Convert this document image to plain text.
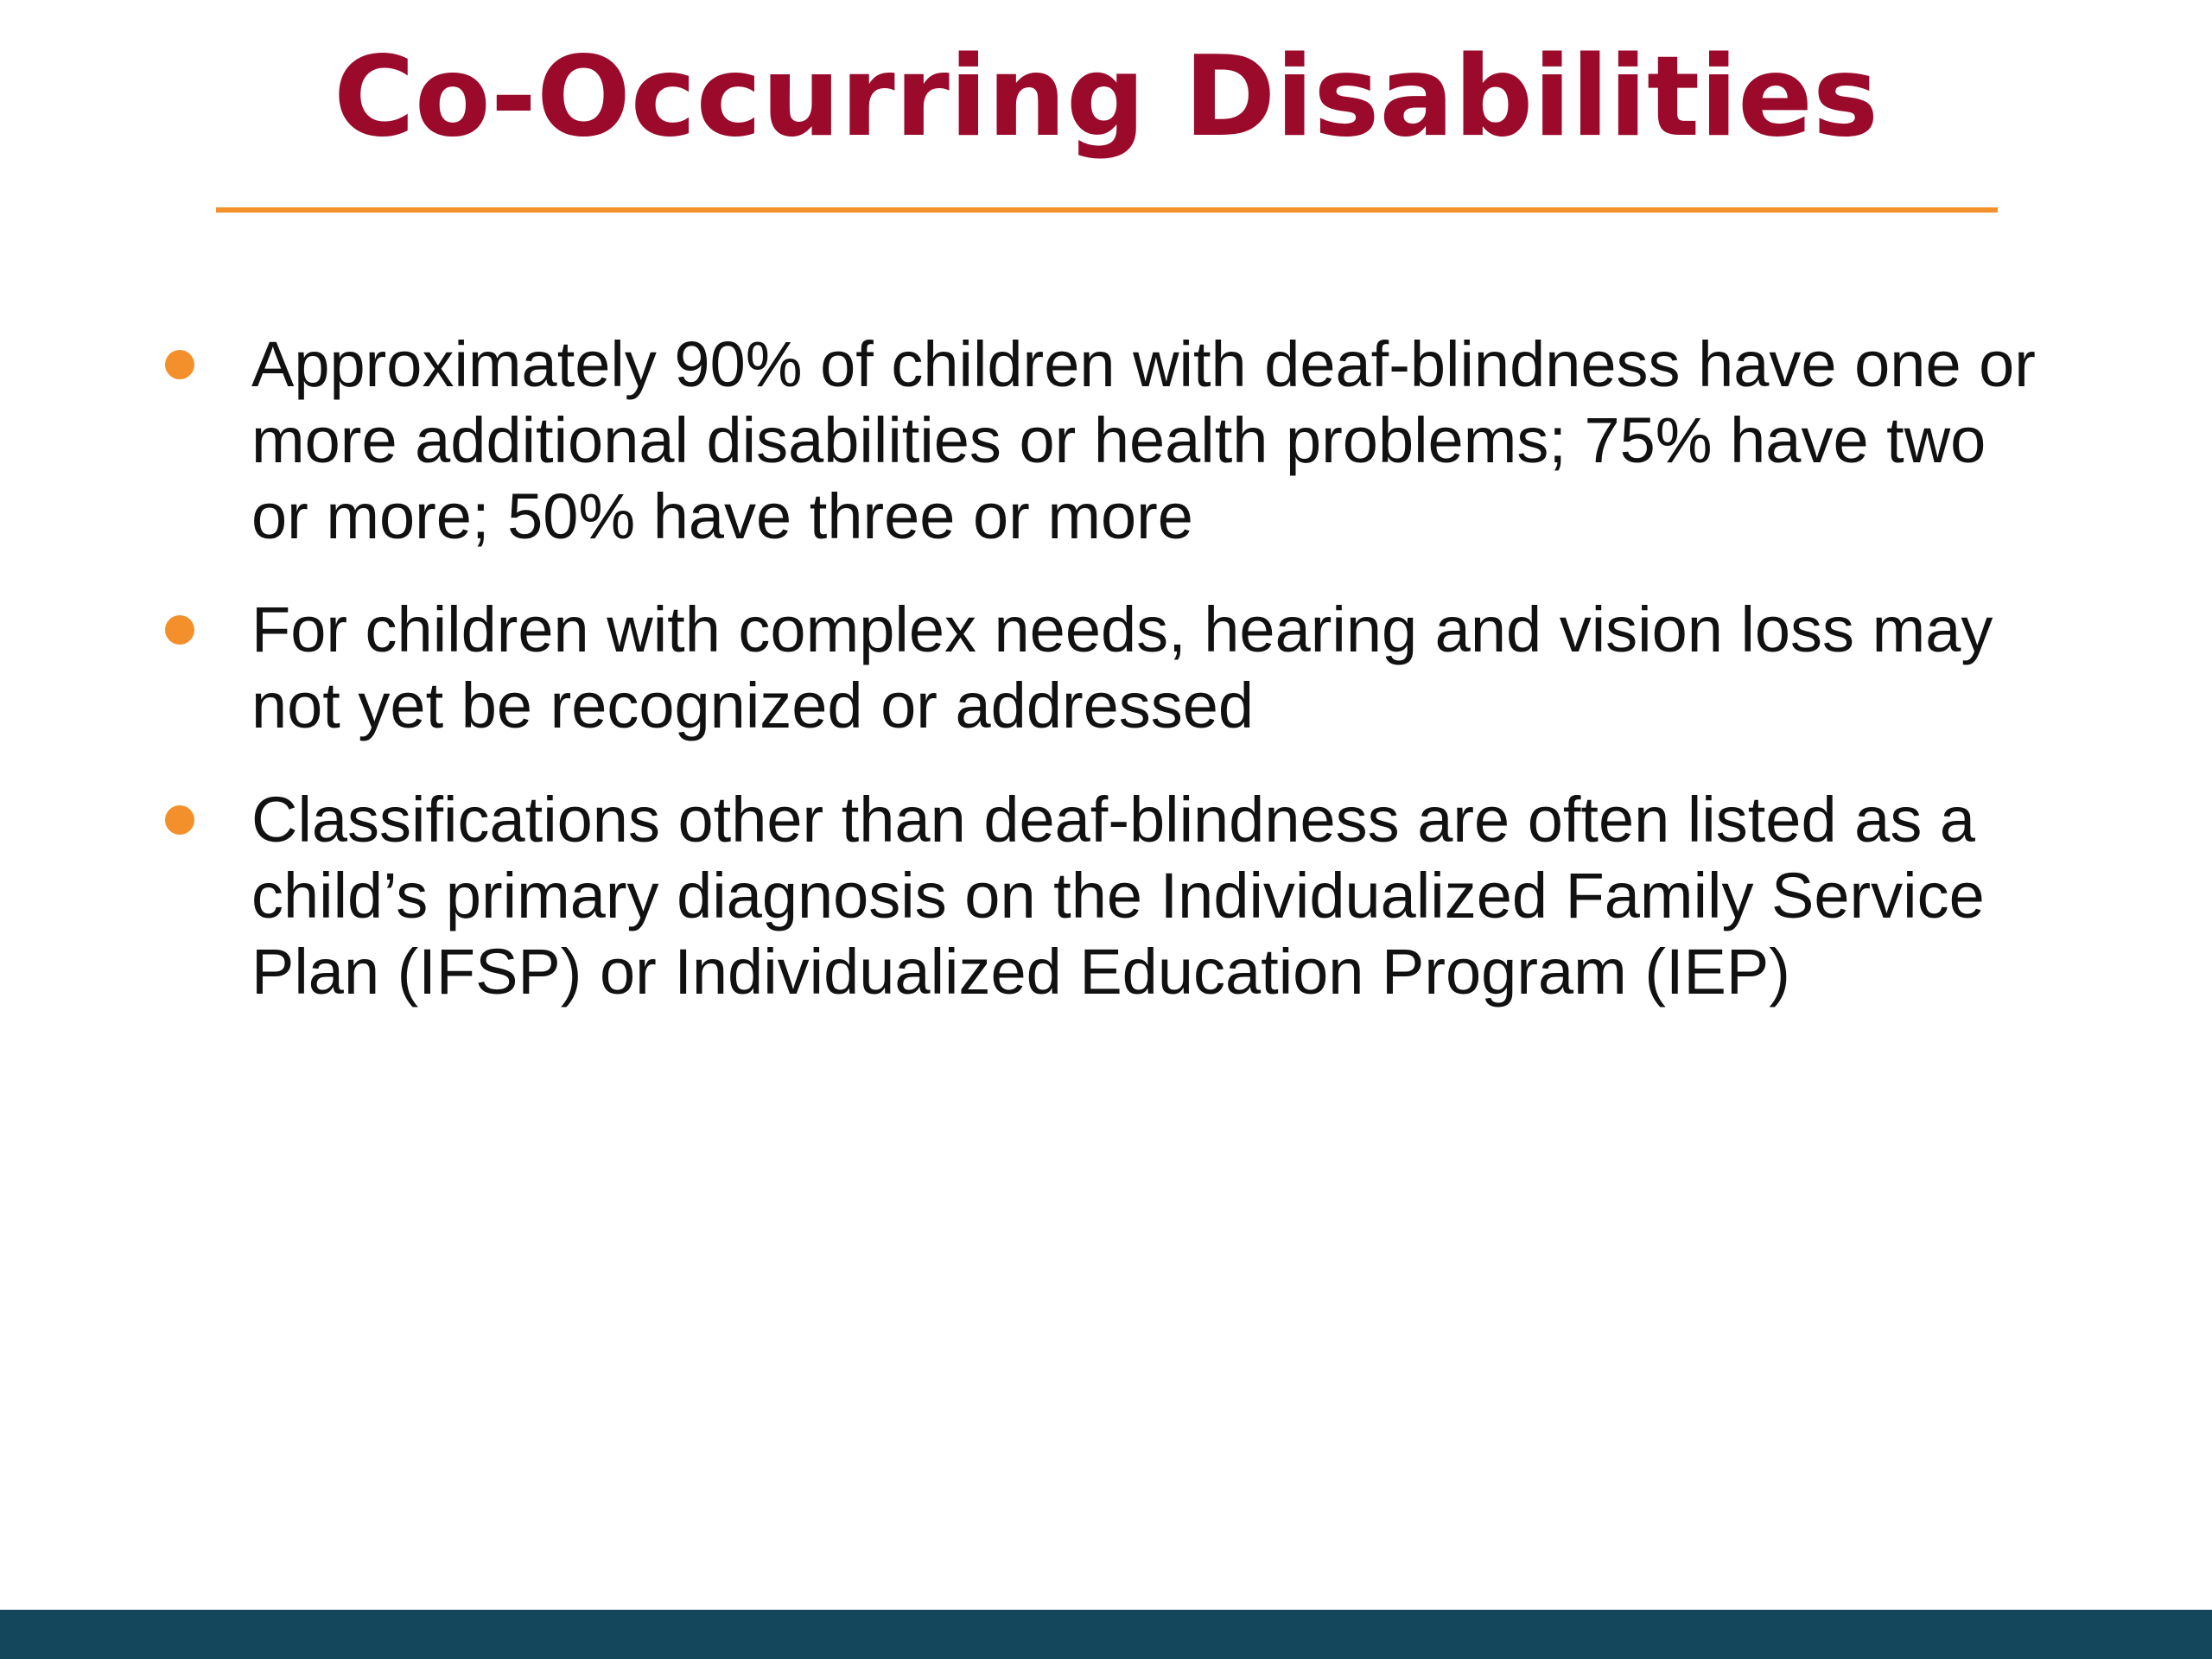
Co-Occurring Disabilities

Approximately 90% of children with deaf-blindness have one or more additional disabilities or health problems; 75% have two or more; 50% have three or more

For children with complex needs, hearing and vision loss may not yet be recognized or addressed

Classifications other than deaf-blindness are often listed as a child’s primary diagnosis on the Individualized Family Service Plan (IFSP) or Individualized Education Program (IEP)
